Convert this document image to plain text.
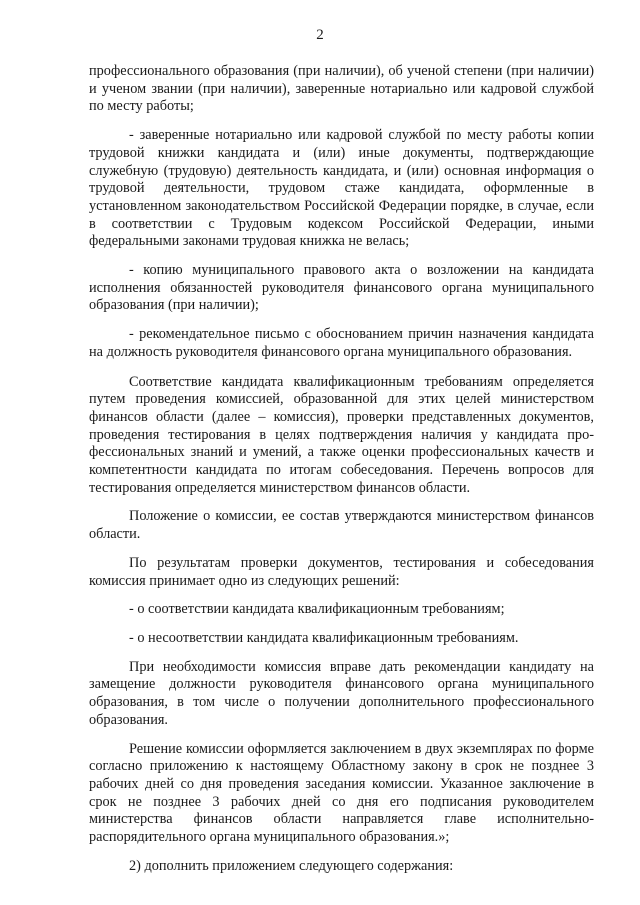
2

профессионального образования (при наличии), об ученой степени (при наличии) и ученом звании (при наличии), заверенные нотариально или кадровой службой по месту работы;

- заверенные нотариально или кадровой службой по месту работы копии трудовой книжки кандидата и (или) иные документы, подтверждающие служебную (трудовую) деятельность кандидата, и (или) основная информация о трудовой деятельности, трудовом стаже кандидата, оформленные в установленном законодательством Российской Федерации порядке, в случае, если в соответствии с Трудовым кодексом Российской Федерации, иными федеральными законами трудовая книжка не велась;

- копию муниципального правового акта о возложении на кандидата исполнения обязанностей руководителя финансового органа муниципального образования (при наличии);

- рекомендательное письмо с обоснованием причин назначения кандидата на должность руководителя финансового органа муниципального образования.

Соответствие кандидата квалификационным требованиям определяется путем проведения комиссией, образованной для этих целей министерством финансов области (далее – комиссия), проверки представленных документов, проведения тестирования в целях подтверждения наличия у кандидата профессиональных знаний и умений, а также оценки профессиональных качеств и компетентности кандидата по итогам собеседования. Перечень вопросов для тестирования определяется министерством финансов области.

Положение о комиссии, ее состав утверждаются министерством финансов области.

По результатам проверки документов, тестирования и собеседования комиссия принимает одно из следующих решений:

- о соответствии кандидата квалификационным требованиям;

- о несоответствии кандидата квалификационным требованиям.

При необходимости комиссия вправе дать рекомендации кандидату на замещение должности руководителя финансового органа муниципального образования, в том числе о получении дополнительного профессионального образования.

Решение комиссии оформляется заключением в двух экземплярах по форме согласно приложению к настоящему Областному закону в срок не позднее 3 рабочих дней со дня проведения заседания комиссии. Указанное заключение в срок не позднее 3 рабочих дней со дня его подписания руководителем министерства финансов области направляется главе исполнительно-распорядительного органа муниципального образования.»;

2) дополнить приложением следующего содержания:
